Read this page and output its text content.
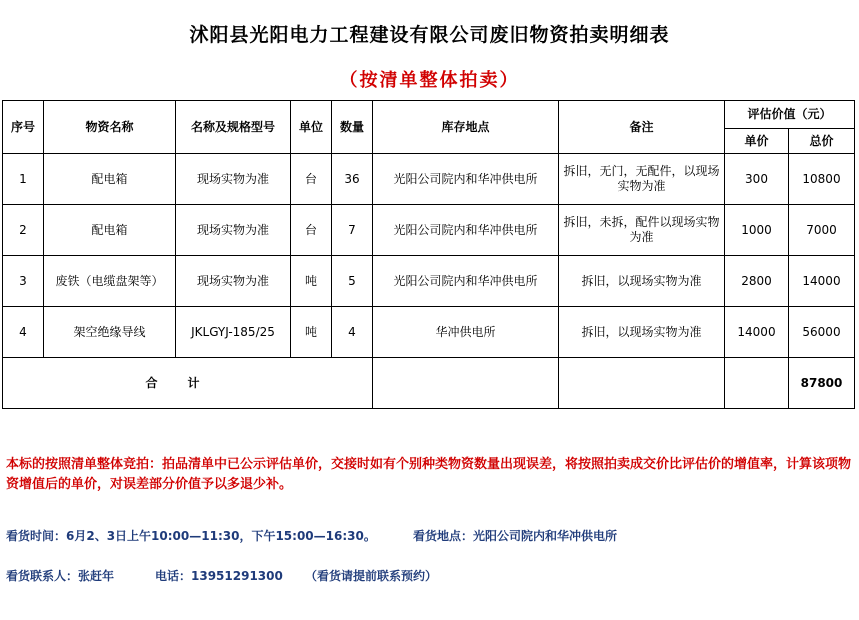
沭阳县光阳电力工程建设有限公司废旧物资拍卖明细表
（按清单整体拍卖）
序号	物资名称	名称及规格型号	单位	数量	库存地点	备注	评估价值（元）	
							单价	总价
1	配电箱	现场实物为准	台	36	光阳公司院内和华冲供电所	拆旧，无门，无配件，以现场实物为准	300	10800
2	配电箱	现场实物为准	台	7	光阳公司院内和华冲供电所	拆旧，未拆，配件以现场实物为准	1000	7000
3	废铁（电缆盘架等）	现场实物为准	吨	5	光阳公司院内和华冲供电所	拆旧，以现场实物为准	2800	14000
4	架空绝缘导线	JKLGYJ-185/25	吨	4	华冲供电所	拆旧，以现场实物为准	14000	56000
合计								87800
本标的按照清单整体竞拍：拍品清单中已公示评估单价，交接时如有个别种类物资数量出现误差，将按照拍卖成交价比评估价的增值率，计算该项物资增值后的单价，对误差部分价值予以多退少补。
看货时间：6月2、3日上午10:00—11:30，下午15:00—16:30。	看货地点：光阳公司院内和华冲供电所
看货联系人：张赶年	电话：13951291300 （看货请提前联系预约）
